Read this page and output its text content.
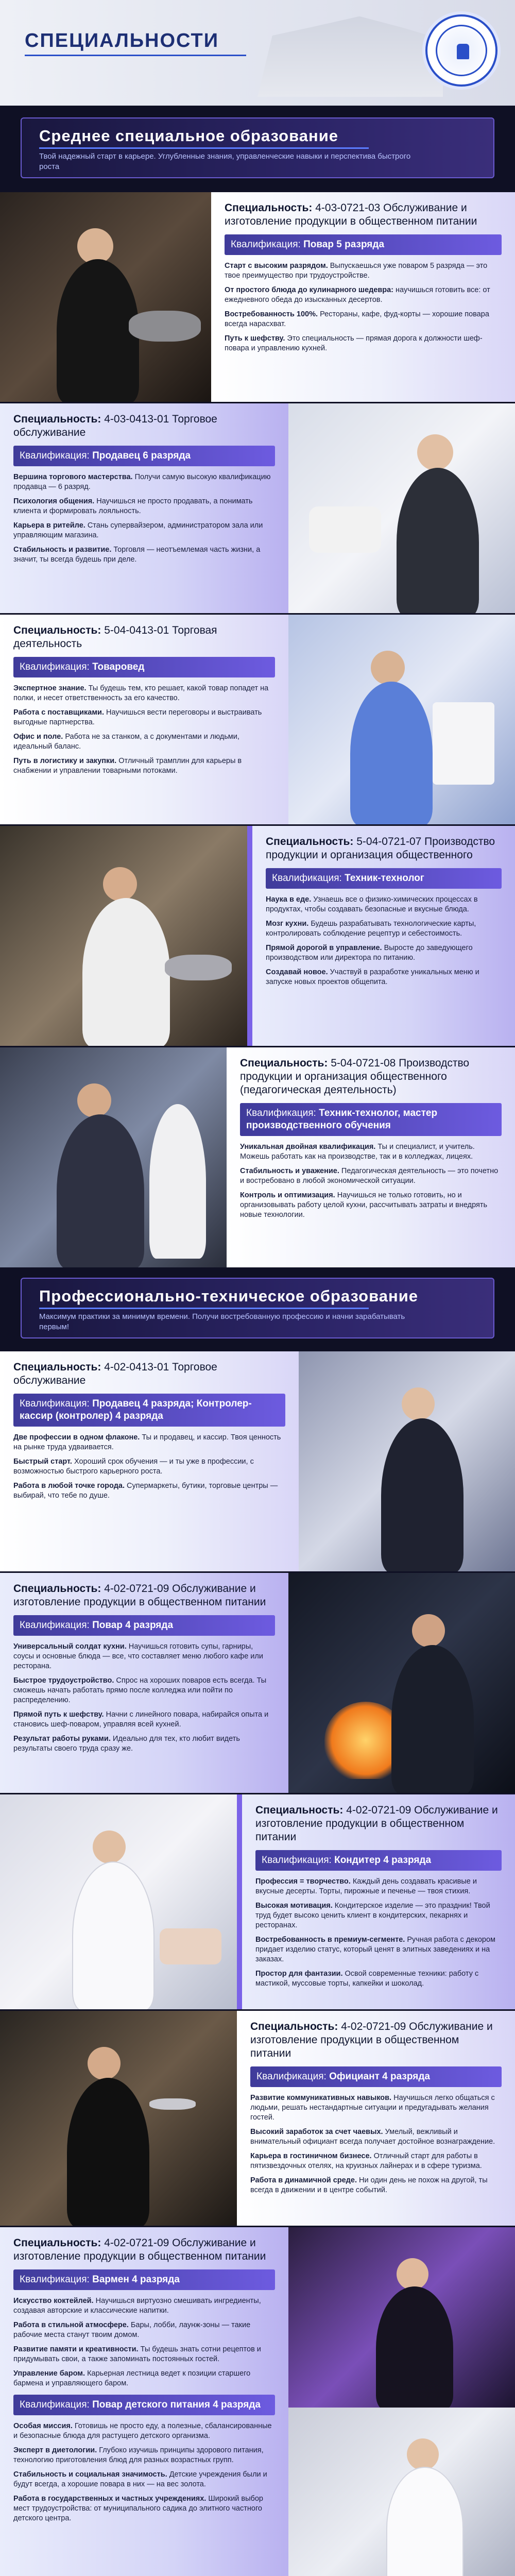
СПЕЦИАЛЬНОСТИ
Среднее специальное образование
Твой надежный старт в карьере. Углубленные знания, управленческие навыки и перспектива быстрого роста
Специальность: 4-03-0721-03 Обслуживание и изготовление продукции в общественном питании
Квалификация: Повар 5 разряда
Старт с высоким разрядом. Выпускаешься уже поваром 5 разряда — это твое преимущество при трудоустройстве.
От простого блюда до кулинарного шедевра: научишься готовить все: от ежедневного обеда до изысканных десертов.
Востребованность 100%. Рестораны, кафе, фуд-корты — хорошие повара всегда нарасхват.
Путь к шефству. Это специальность — прямая дорога к должности шеф-повара и управлению кухней.
Специальность: 4-03-0413-01 Торговое обслуживание
Квалификация: Продавец 6 разряда
Вершина торгового мастерства. Получи самую высокую квалификацию продавца — 6 разряд.
Психология общения. Научишься не просто продавать, а понимать клиента и формировать лояльность.
Карьера в ритейле. Стань супервайзером, администратором зала или управляющим магазина.
Стабильность и развитие. Торговля — неотъемлемая часть жизни, а значит, ты всегда будешь при деле.
Специальность: 5-04-0413-01 Торговая деятельность
Квалификация: Товаровед
Экспертное знание. Ты будешь тем, кто решает, какой товар попадет на полки, и несет ответственность за его качество.
Работа с поставщиками. Научишься вести переговоры и выстраивать выгодные партнерства.
Офис и поле. Работа не за станком, а с документами и людьми, идеальный баланс.
Путь в логистику и закупки. Отличный трамплин для карьеры в снабжении и управлении товарными потоками.
Специальность: 5-04-0721-07 Производство продукции и организация общественного
Квалификация: Техник-технолог
Наука в еде. Узнаешь все о физико-химических процессах в продуктах, чтобы создавать безопасные и вкусные блюда.
Мозг кухни. Будешь разрабатывать технологические карты, контролировать соблюдение рецептур и себестоимость.
Прямой дорогой в управление. Выросте до заведующего производством или директора по питанию.
Создавай новое. Участвуй в разработке уникальных меню и запуске новых проектов общепита.
Специальность: 5-04-0721-08 Производство продукции и организация общественного (педагогическая деятельность)
Квалификация: Техник-технолог, мастер производственного обучения
Уникальная двойная квалификация. Ты и специалист, и учитель. Можешь работать как на производстве, так и в колледжах, лицеях.
Стабильность и уважение. Педагогическая деятельность — это почетно и востребовано в любой экономической ситуации.
Контроль и оптимизация. Научишься не только готовить, но и организовывать работу целой кухни, рассчитывать затраты и внедрять новые технологии.
Профессионально-техническое образование
Максимум практики за минимум времени. Получи востребованную профессию и начни зарабатывать первым!
Специальность: 4-02-0413-01 Торговое обслуживание
Квалификация: Продавец 4 разряда; Контролер-кассир (контролер) 4 разряда
Две профессии в одном флаконе. Ты и продавец, и кассир. Твоя ценность на рынке труда удваивается.
Быстрый старт. Хороший срок обучения — и ты уже в профессии, с возможностью быстрого карьерного роста.
Работа в любой точке города. Супермаркеты, бутики, торговые центры — выбирай, что тебе по душе.
Специальность: 4-02-0721-09 Обслуживание и изготовление продукции в общественном питании
Квалификация: Повар 4 разряда
Универсальный солдат кухни. Научишься готовить супы, гарниры, соусы и основные блюда — все, что составляет меню любого кафе или ресторана.
Быстрое трудоустройство. Спрос на хороших поваров есть всегда. Ты сможешь начать работать прямо после колледжа или пойти по распределению.
Прямой путь к шефству. Начни с линейного повара, набирайся опыта и становись шеф-поваром, управляя всей кухней.
Результат работы руками. Идеально для тех, кто любит видеть результаты своего труда сразу же.
Специальность: 4-02-0721-09 Обслуживание и изготовление продукции в общественном питании
Квалификация: Кондитер 4 разряда
Профессия = творчество. Каждый день создавать красивые и вкусные десерты. Торты, пирожные и печенье — твоя стихия.
Высокая мотивация. Кондитерское изделие — это праздник! Твой труд будет высоко ценить клиент в кондитерских, пекарнях и ресторанах.
Востребованность в премиум-сегменте. Ручная работа с декором придает изделию статус, который ценят в элитных заведениях и на заказах.
Простор для фантазии. Освой современные техники: работу с мастикой, муссовые торты, капкейки и шоколад.
Специальность: 4-02-0721-09 Обслуживание и изготовление продукции в общественном питании
Квалификация: Официант 4 разряда
Развитие коммуникативных навыков. Научишься легко общаться с людьми, решать нестандартные ситуации и предугадывать желания гостей.
Высокий заработок за счет чаевых. Умелый, вежливый и внимательный официант всегда получает достойное вознаграждение.
Карьера в гостиничном бизнесе. Отличный старт для работы в пятизвездочных отелях, на круизных лайнерах и в сфере туризма.
Работа в динамичной среде. Ни один день не похож на другой, ты всегда в движении и в центре событий.
Специальность: 4-02-0721-09 Обслуживание и изготовление продукции в общественном питании
Квалификация: Вармен 4 разряда
Искусство коктейлей. Научишься виртуозно смешивать ингредиенты, создавая авторские и классические напитки.
Работа в стильной атмосфере. Бары, лобби, лаунж-зоны — такие рабочие места станут твоим домом.
Развитие памяти и креативности. Ты будешь знать сотни рецептов и придумывать свои, а также запоминать постоянных гостей.
Управление баром. Карьерная лестница ведет к позиции старшего бармена и управляющего баром.
Квалификация: Повар детского питания 4 разряда
Особая миссия. Готовишь не просто еду, а полезные, сбалансированные и безопасные блюда для растущего детского организма.
Эксперт в диетологии. Глубоко изучишь принципы здорового питания, технологию приготовления блюд для разных возрастных групп.
Стабильность и социальная значимость. Детские учреждения были и будут всегда, а хорошие повара в них — на вес золота.
Работа в государственных и частных учреждениях. Широкий выбор мест трудоустройства: от муниципального садика до элитного частного детского центра.
